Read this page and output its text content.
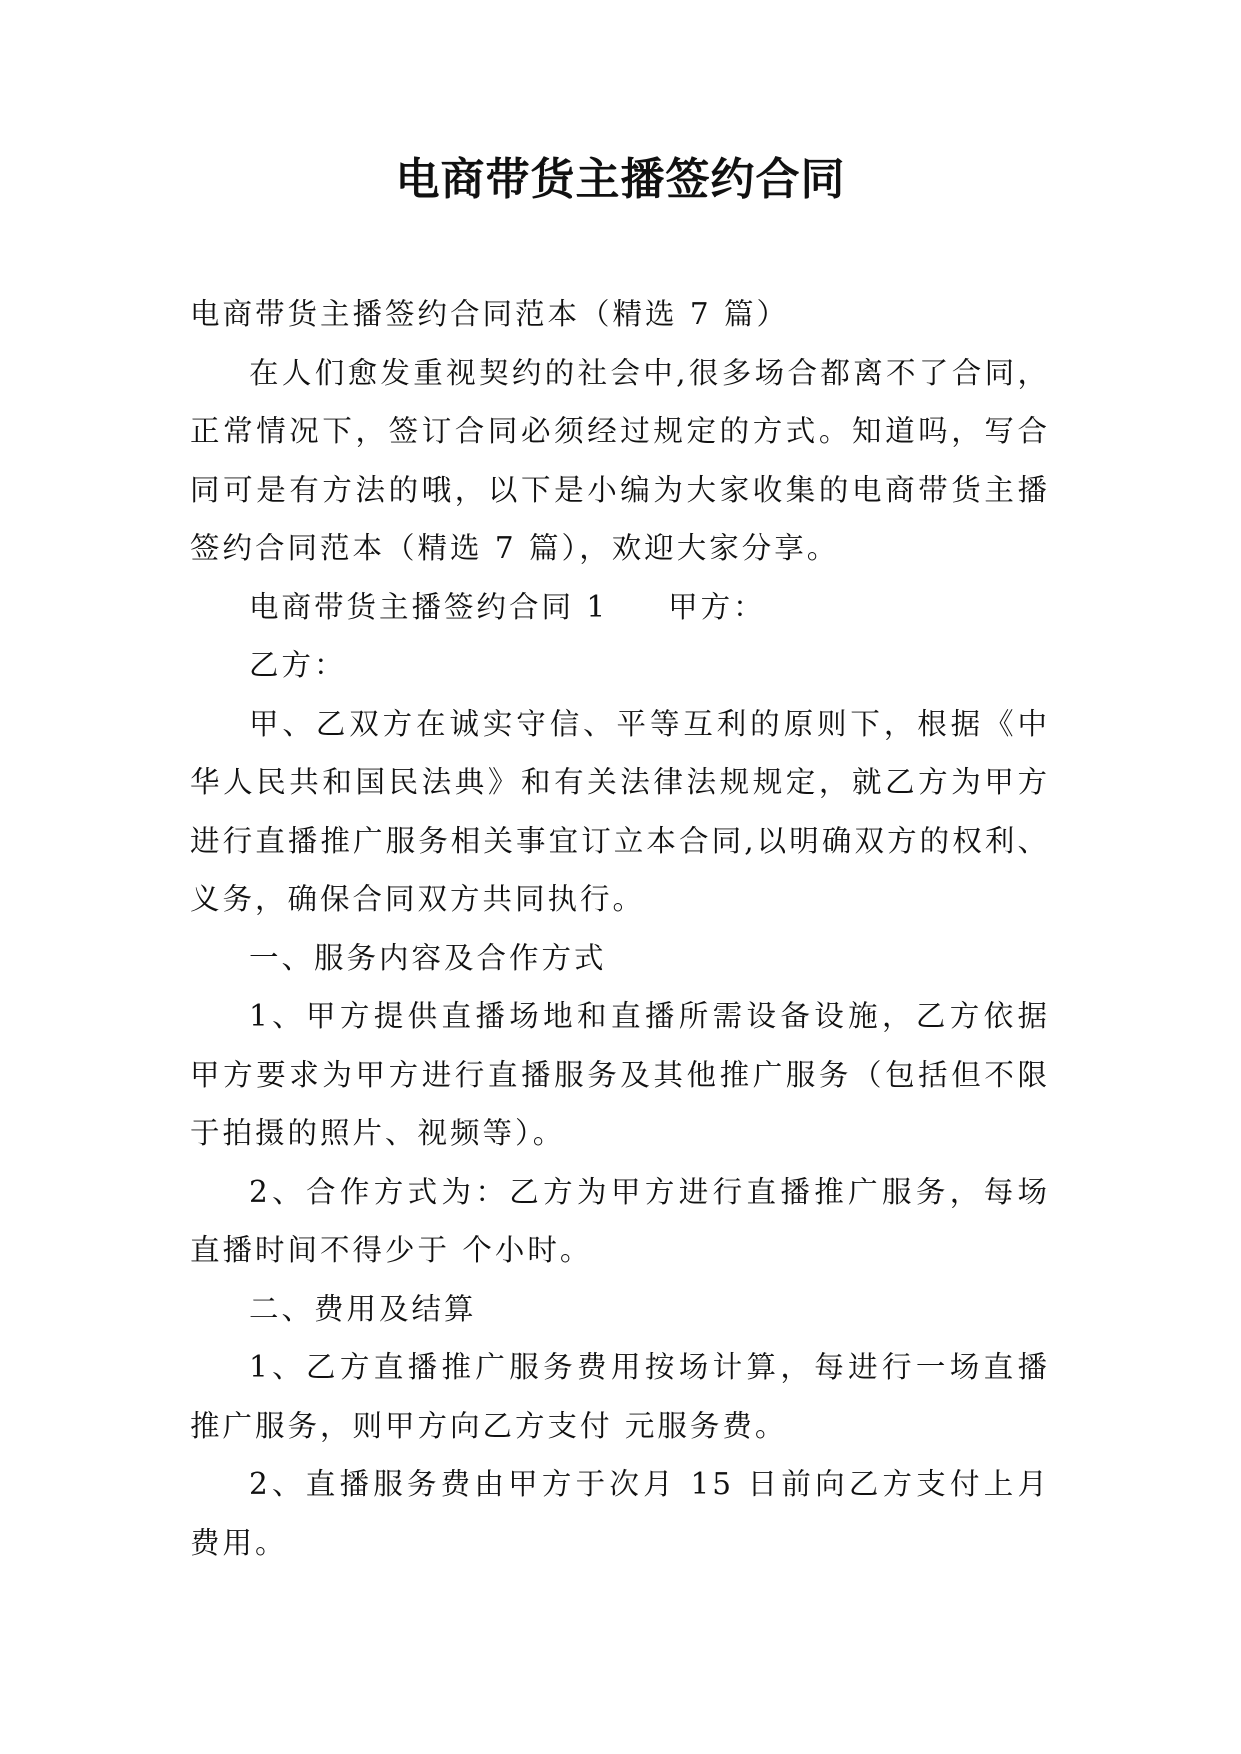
电商带货主播签约合同

电商带货主播签约合同范本（精选 7 篇）

在人们愈发重视契约的社会中,很多场合都离不了合同，正常情况下，签订合同必须经过规定的方式。知道吗，写合同可是有方法的哦，以下是小编为大家收集的电商带货主播签约合同范本（精选 7 篇），欢迎大家分享。

电商带货主播签约合同 1 甲方：

乙方：

甲、乙双方在诚实守信、平等互利的原则下，根据《中华人民共和国民法典》和有关法律法规规定，就乙方为甲方进行直播推广服务相关事宜订立本合同,以明确双方的权利、义务，确保合同双方共同执行。

一、服务内容及合作方式

1、甲方提供直播场地和直播所需设备设施，乙方依据甲方要求为甲方进行直播服务及其他推广服务（包括但不限于拍摄的照片、视频等）。

2、合作方式为：乙方为甲方进行直播推广服务，每场直播时间不得少于 个小时。

二、费用及结算

1、乙方直播推广服务费用按场计算，每进行一场直播推广服务，则甲方向乙方支付 元服务费。

2、直播服务费由甲方于次月 15 日前向乙方支付上月费用。
